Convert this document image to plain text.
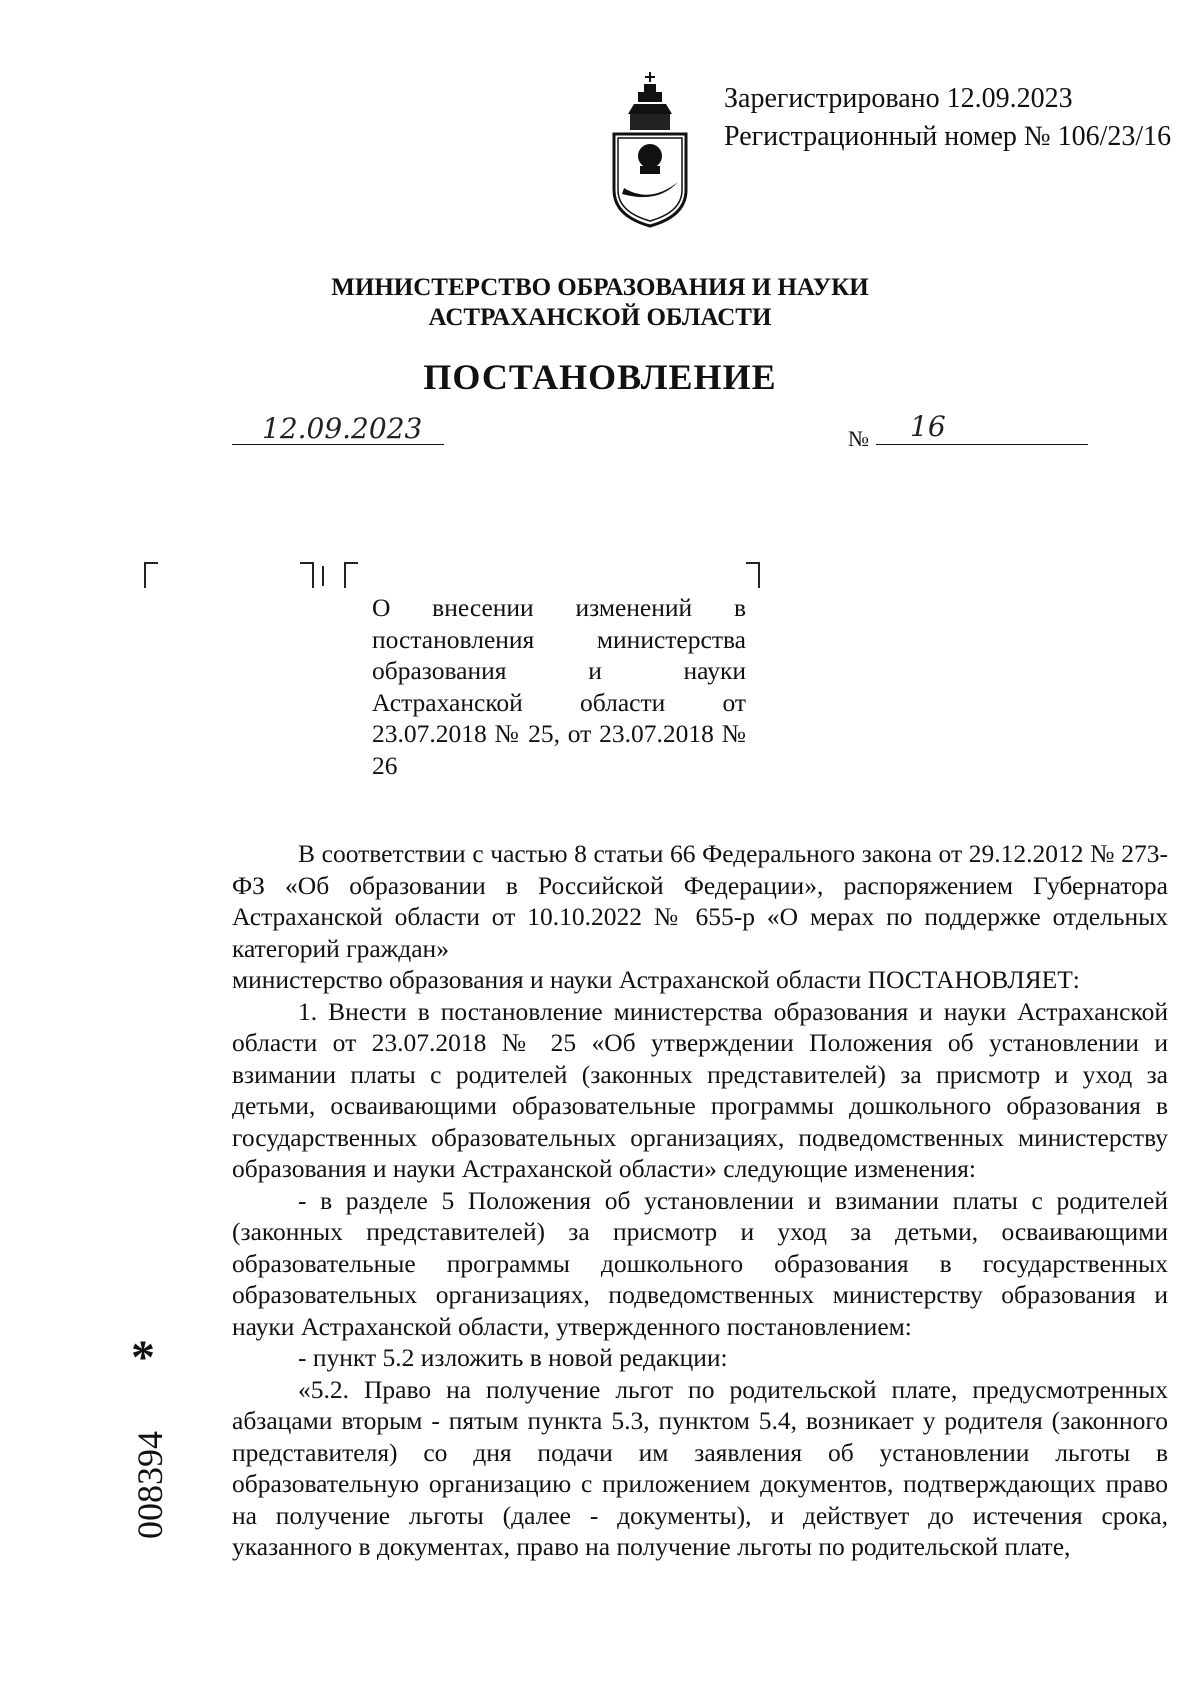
Зарегистрировано 12.09.2023
Регистрационный номер № 106/23/16
МИНИСТЕРСТВО ОБРАЗОВАНИЯ И НАУКИ
АСТРАХАНСКОЙ ОБЛАСТИ
ПОСТАНОВЛЕНИЕ
12.09.2023	№ 16

О внесении изменений в постановления министерства образования и науки Астраханской области от 23.07.2018 № 25, от 23.07.2018 № 26

В соответствии с частью 8 статьи 66 Федерального закона от 29.12.2012 № 273-ФЗ «Об образовании в Российской Федерации», распоряжением Губернатора Астраханской области от 10.10.2022 № 655-р «О мерах по поддержке отдельных категорий граждан»

министерство образования и науки Астраханской области ПОСТАНОВЛЯЕТ:

1. Внести в постановление министерства образования и науки Астраханской области от 23.07.2018 № 25 «Об утверждении Положения об установлении и взимании платы с родителей (законных представителей) за присмотр и уход за детьми, осваивающими образовательные программы дошкольного образования в государственных образовательных организациях, подведомственных министерству образования и науки Астраханской области» следующие изменения:

- в разделе 5 Положения об установлении и взимании платы с родителей (законных представителей) за присмотр и уход за детьми, осваивающими образовательные программы дошкольного образования в государственных образовательных организациях, подведомственных министерству образования и науки Астраханской области, утвержденного постановлением:

- пункт 5.2 изложить в новой редакции:

«5.2. Право на получение льгот по родительской плате, предусмотренных абзацами вторым - пятым пункта 5.3, пунктом 5.4, возникает у родителя (законного представителя) со дня подачи им заявления об установлении льготы в образовательную организацию с приложением документов, подтверждающих право на получение льготы (далее - документы), и действует до истечения срока, указанного в документах, право на получение льготы по родительской плате,

*
008394
